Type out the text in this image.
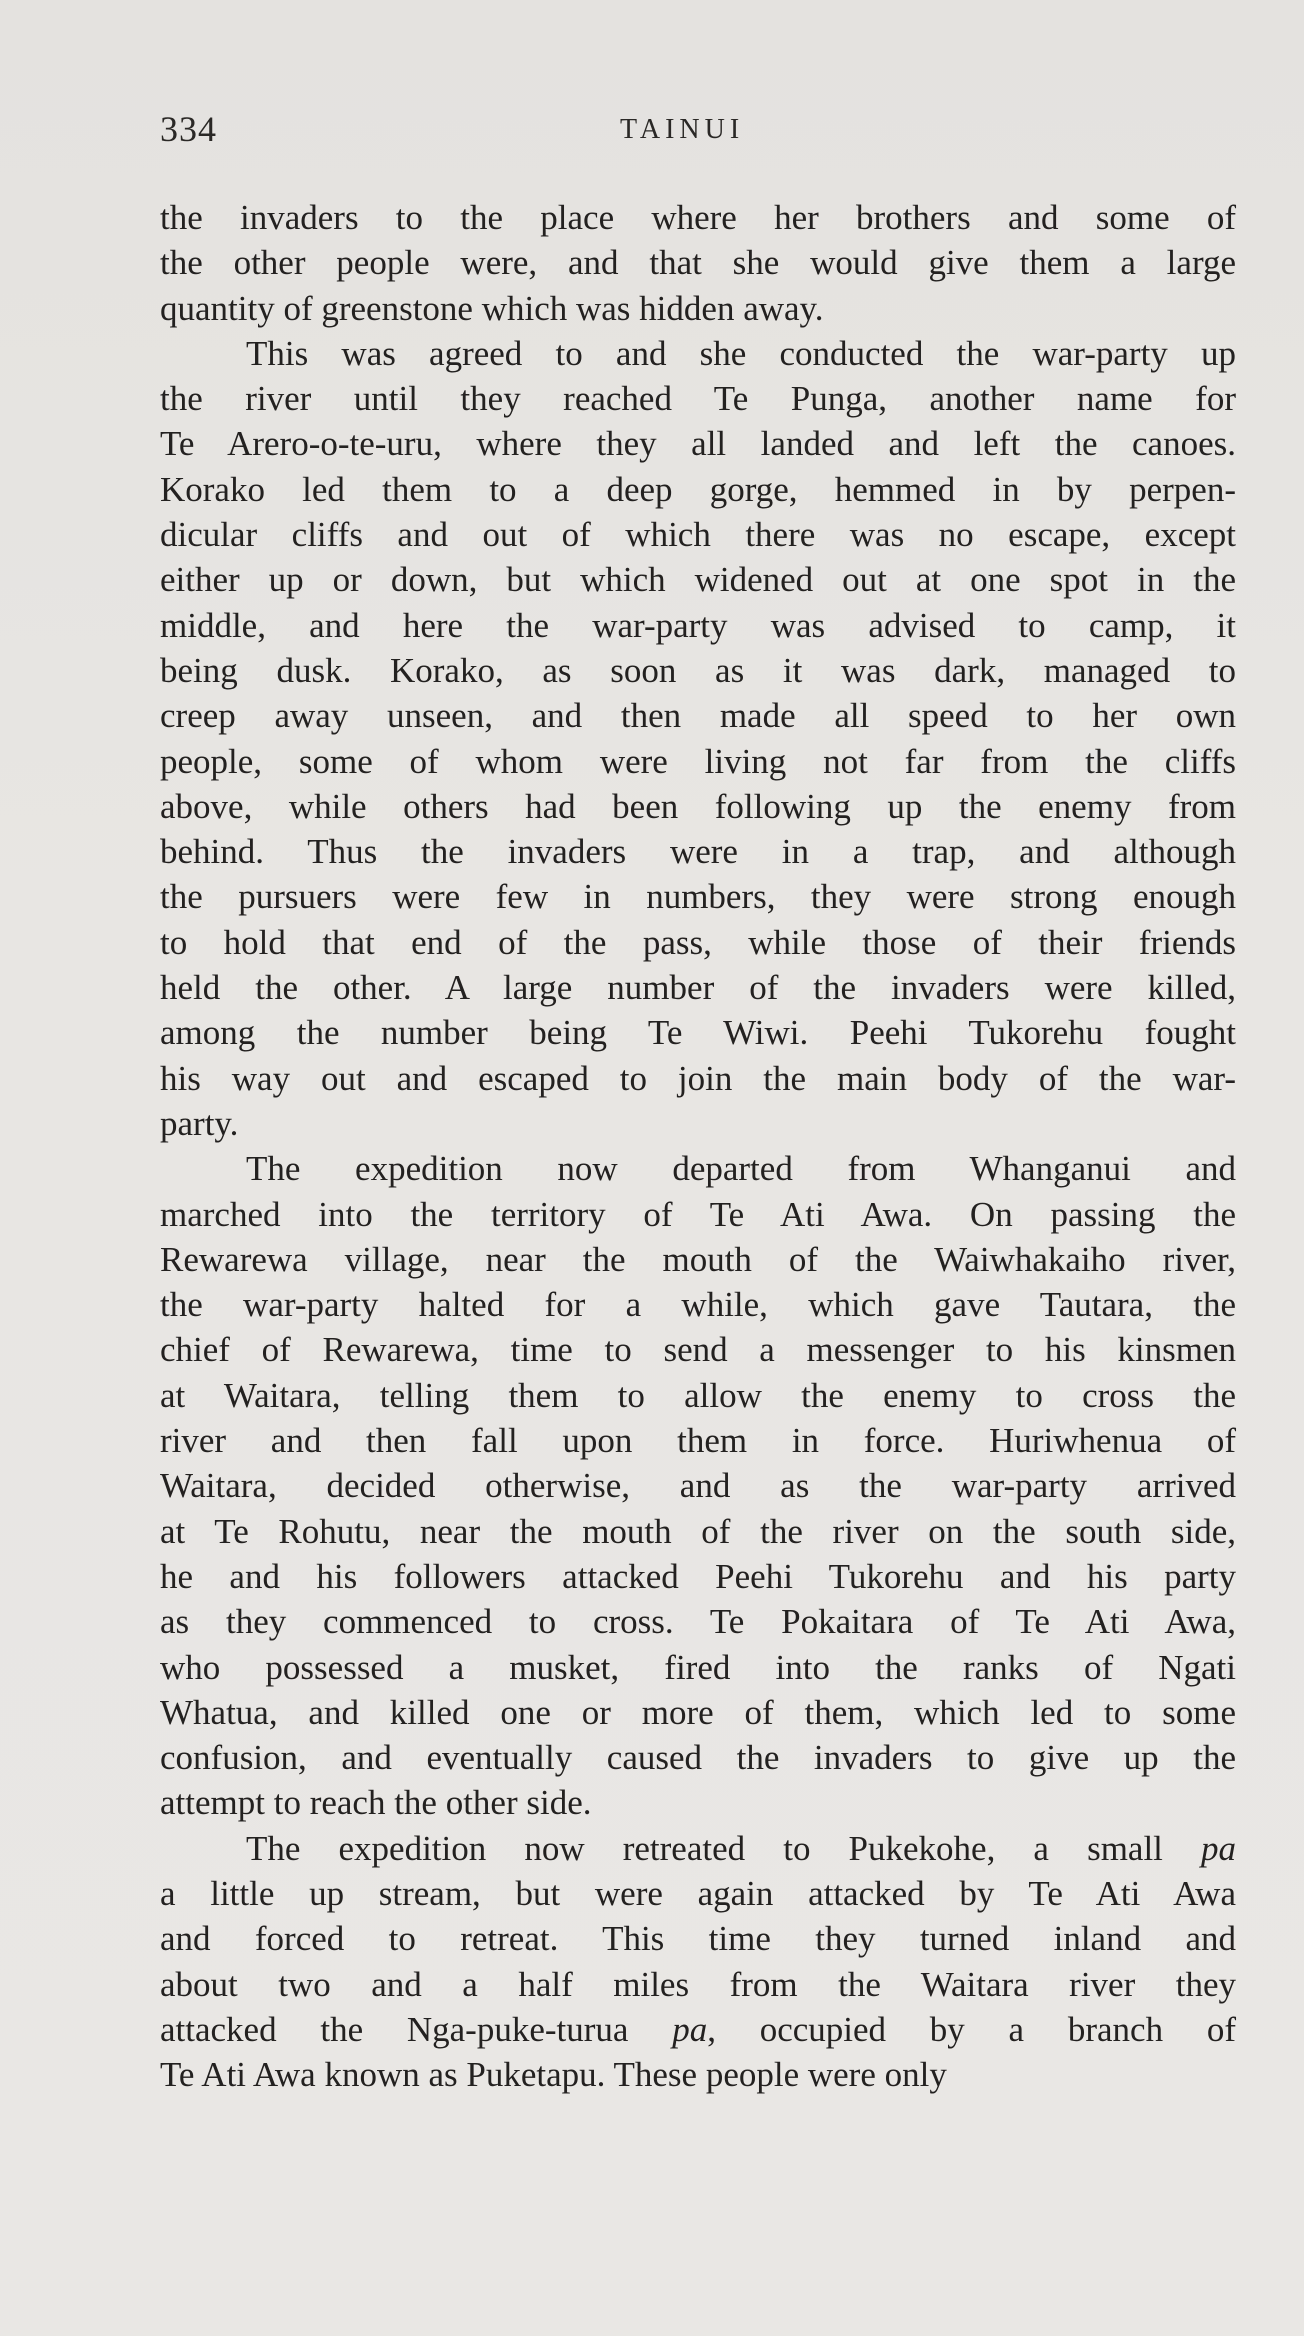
334	TAINUI
the invaders to the place where her brothers and some of
the other people were, and that she would give them a large
quantity of greenstone which was hidden away.
This was agreed to and she conducted the war-party up
the river until they reached Te Punga, another name for
Te Arero-o-te-uru, where they all landed and left the canoes.
Korako led them to a deep gorge, hemmed in by perpen-
dicular cliffs and out of which there was no escape, except
either up or down, but which widened out at one spot in the
middle, and here the war-party was advised to camp, it
being dusk. Korako, as soon as it was dark, managed to
creep away unseen, and then made all speed to her own
people, some of whom were living not far from the cliffs
above, while others had been following up the enemy from
behind. Thus the invaders were in a trap, and although
the pursuers were few in numbers, they were strong enough
to hold that end of the pass, while those of their friends
held the other. A large number of the invaders were killed,
among the number being Te Wiwi. Peehi Tukorehu fought
his way out and escaped to join the main body of the war-
party.
The expedition now departed from Whanganui and
marched into the territory of Te Ati Awa. On passing the
Rewarewa village, near the mouth of the Waiwhakaiho river,
the war-party halted for a while, which gave Tautara, the
chief of Rewarewa, time to send a messenger to his kinsmen
at Waitara, telling them to allow the enemy to cross the
river and then fall upon them in force. Huriwhenua of
Waitara, decided otherwise, and as the war-party arrived
at Te Rohutu, near the mouth of the river on the south side,
he and his followers attacked Peehi Tukorehu and his party
as they commenced to cross. Te Pokaitara of Te Ati Awa,
who possessed a musket, fired into the ranks of Ngati
Whatua, and killed one or more of them, which led to some
confusion, and eventually caused the invaders to give up the
attempt to reach the other side.
The expedition now retreated to Pukekohe, a small pa
a little up stream, but were again attacked by Te Ati Awa
and forced to retreat. This time they turned inland and
about two and a half miles from the Waitara river they
attacked the Nga-puke-turua pa, occupied by a branch of
Te Ati Awa known as Puketapu. These people were only
